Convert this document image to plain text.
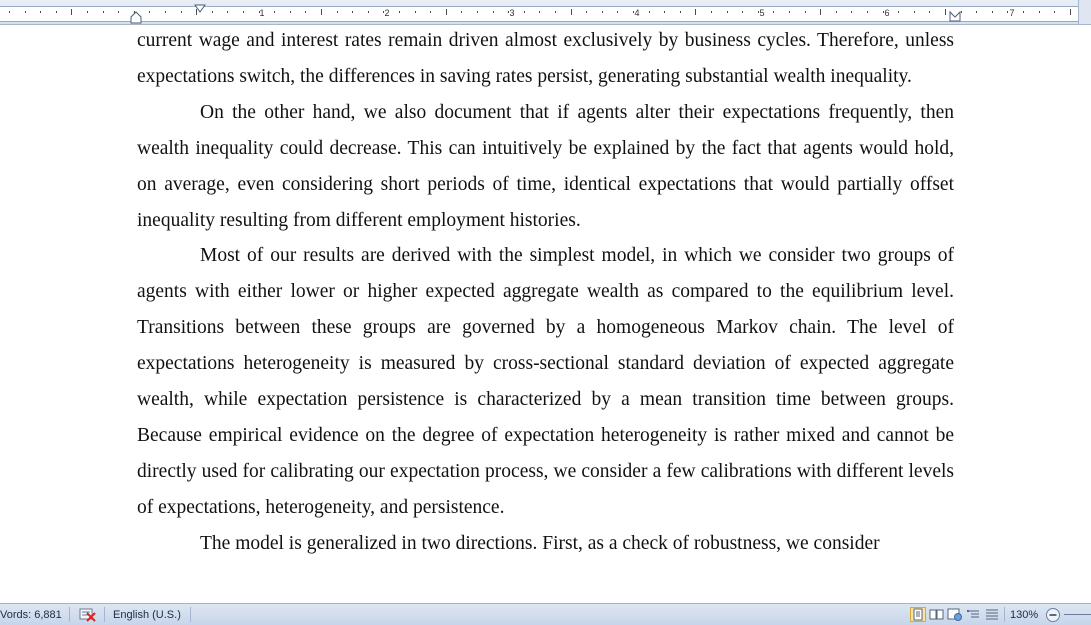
1	2	3	4	5	6	7

current wage and interest rates remain driven almost exclusively by business cycles. Therefore, unless expectations switch, the differences in saving rates persist, generating substantial wealth inequality.

On the other hand, we also document that if agents alter their expectations frequently, then wealth inequality could decrease. This can intuitively be explained by the fact that agents would hold, on average, even considering short periods of time, identical expectations that would partially offset inequality resulting from different employment histories.

Most of our results are derived with the simplest model, in which we consider two groups of agents with either lower or higher expected aggregate wealth as compared to the equilibrium level. Transitions between these groups are governed by a homogeneous Markov chain. The level of expectations heterogeneity is measured by cross-sectional standard deviation of expected aggregate wealth, while expectation persistence is characterized by a mean transition time between groups. Because empirical evidence on the degree of expectation heterogeneity is rather mixed and cannot be directly used for calibrating our expectation process, we consider a few calibrations with different levels of expectations, heterogeneity, and persistence.

The model is generalized in two directions. First, as a check of robustness, we consider

Vords: 6,881	English (U.S.)	130%
